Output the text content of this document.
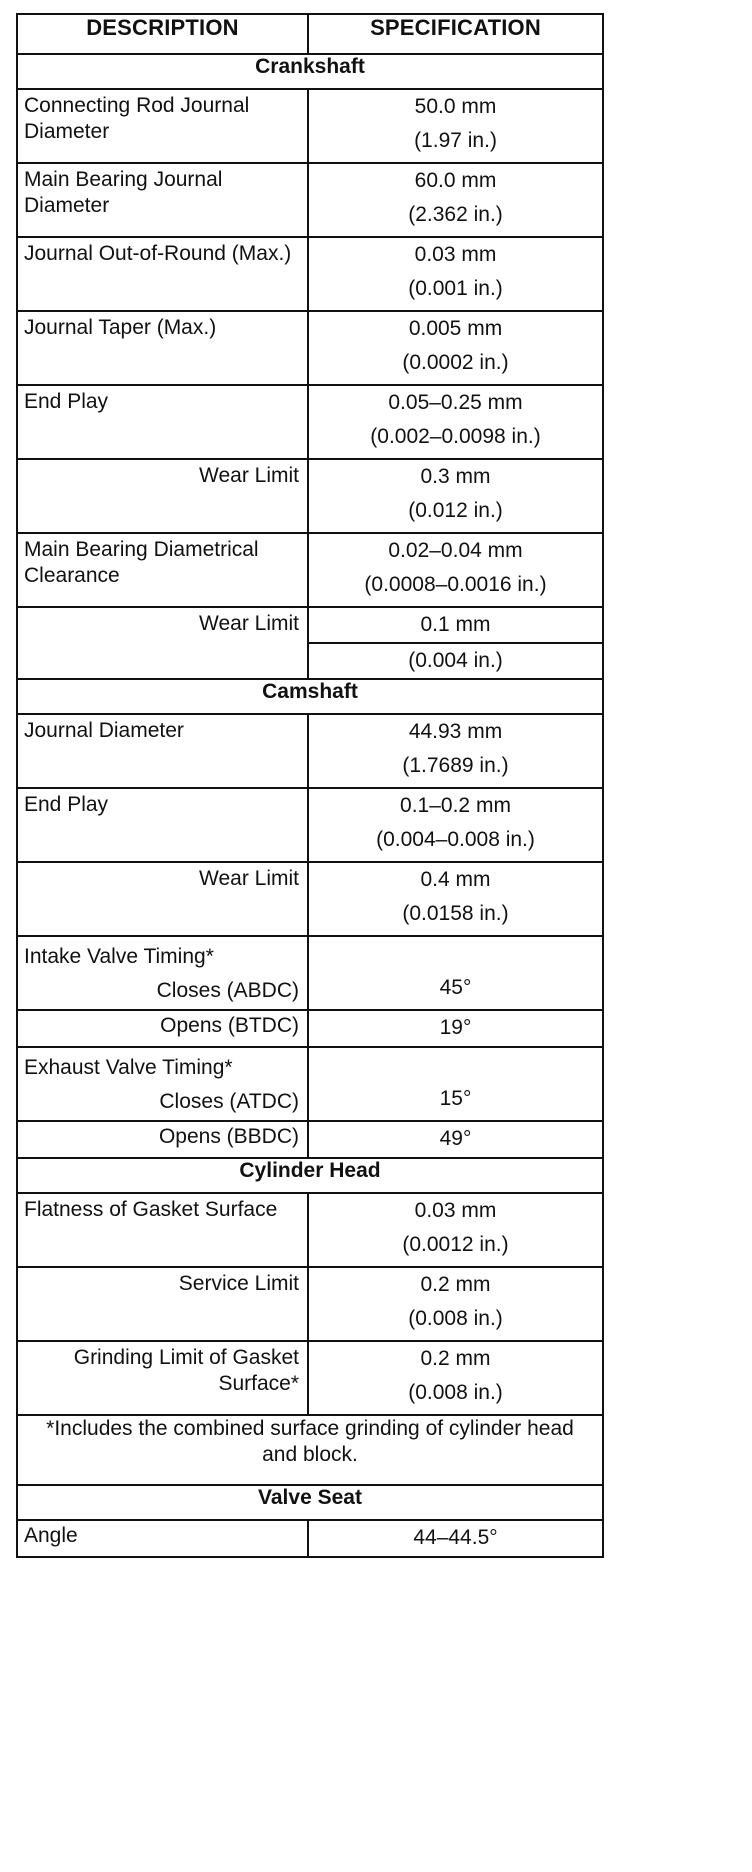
DESCRIPTION	SPECIFICATION
Crankshaft	
Connecting Rod Journal Diameter	50.0 mm
(1.97 in.)

Main Bearing Journal Diameter	60.0 mm
(2.362 in.)

Journal Out-of-Round (Max.)	0.03 mm
(0.001 in.)

Journal Taper (Max.)	0.005 mm
(0.0002 in.)

End Play	0.05–0.25 mm
(0.002–0.0098 in.)

Wear Limit	0.3 mm
(0.012 in.)

Main Bearing Diametrical Clearance	0.02–0.04 mm
(0.0008–0.0016 in.)

Wear Limit	0.1 mm

	(0.004 in.)

Camshaft	
Journal Diameter	44.93 mm
(1.7689 in.)

End Play	0.1–0.2 mm
(0.004–0.008 in.)

Wear Limit	0.4 mm
(0.0158 in.)

Intake Valve Timing*
Closes (ABDC)	45°

Opens (BTDC)	19°

Exhaust Valve Timing*
Closes (ATDC)	15°

Opens (BBDC)	49°
Cylinder Head	
Flatness of Gasket Surface	0.03 mm
(0.0012 in.)

Service Limit	0.2 mm
(0.008 in.)

Grinding Limit of Gasket Surface*	0.2 mm
(0.008 in.)

*Includes the combined surface grinding of cylinder head and block.	
Valve Seat	
Angle	44–44.5°
